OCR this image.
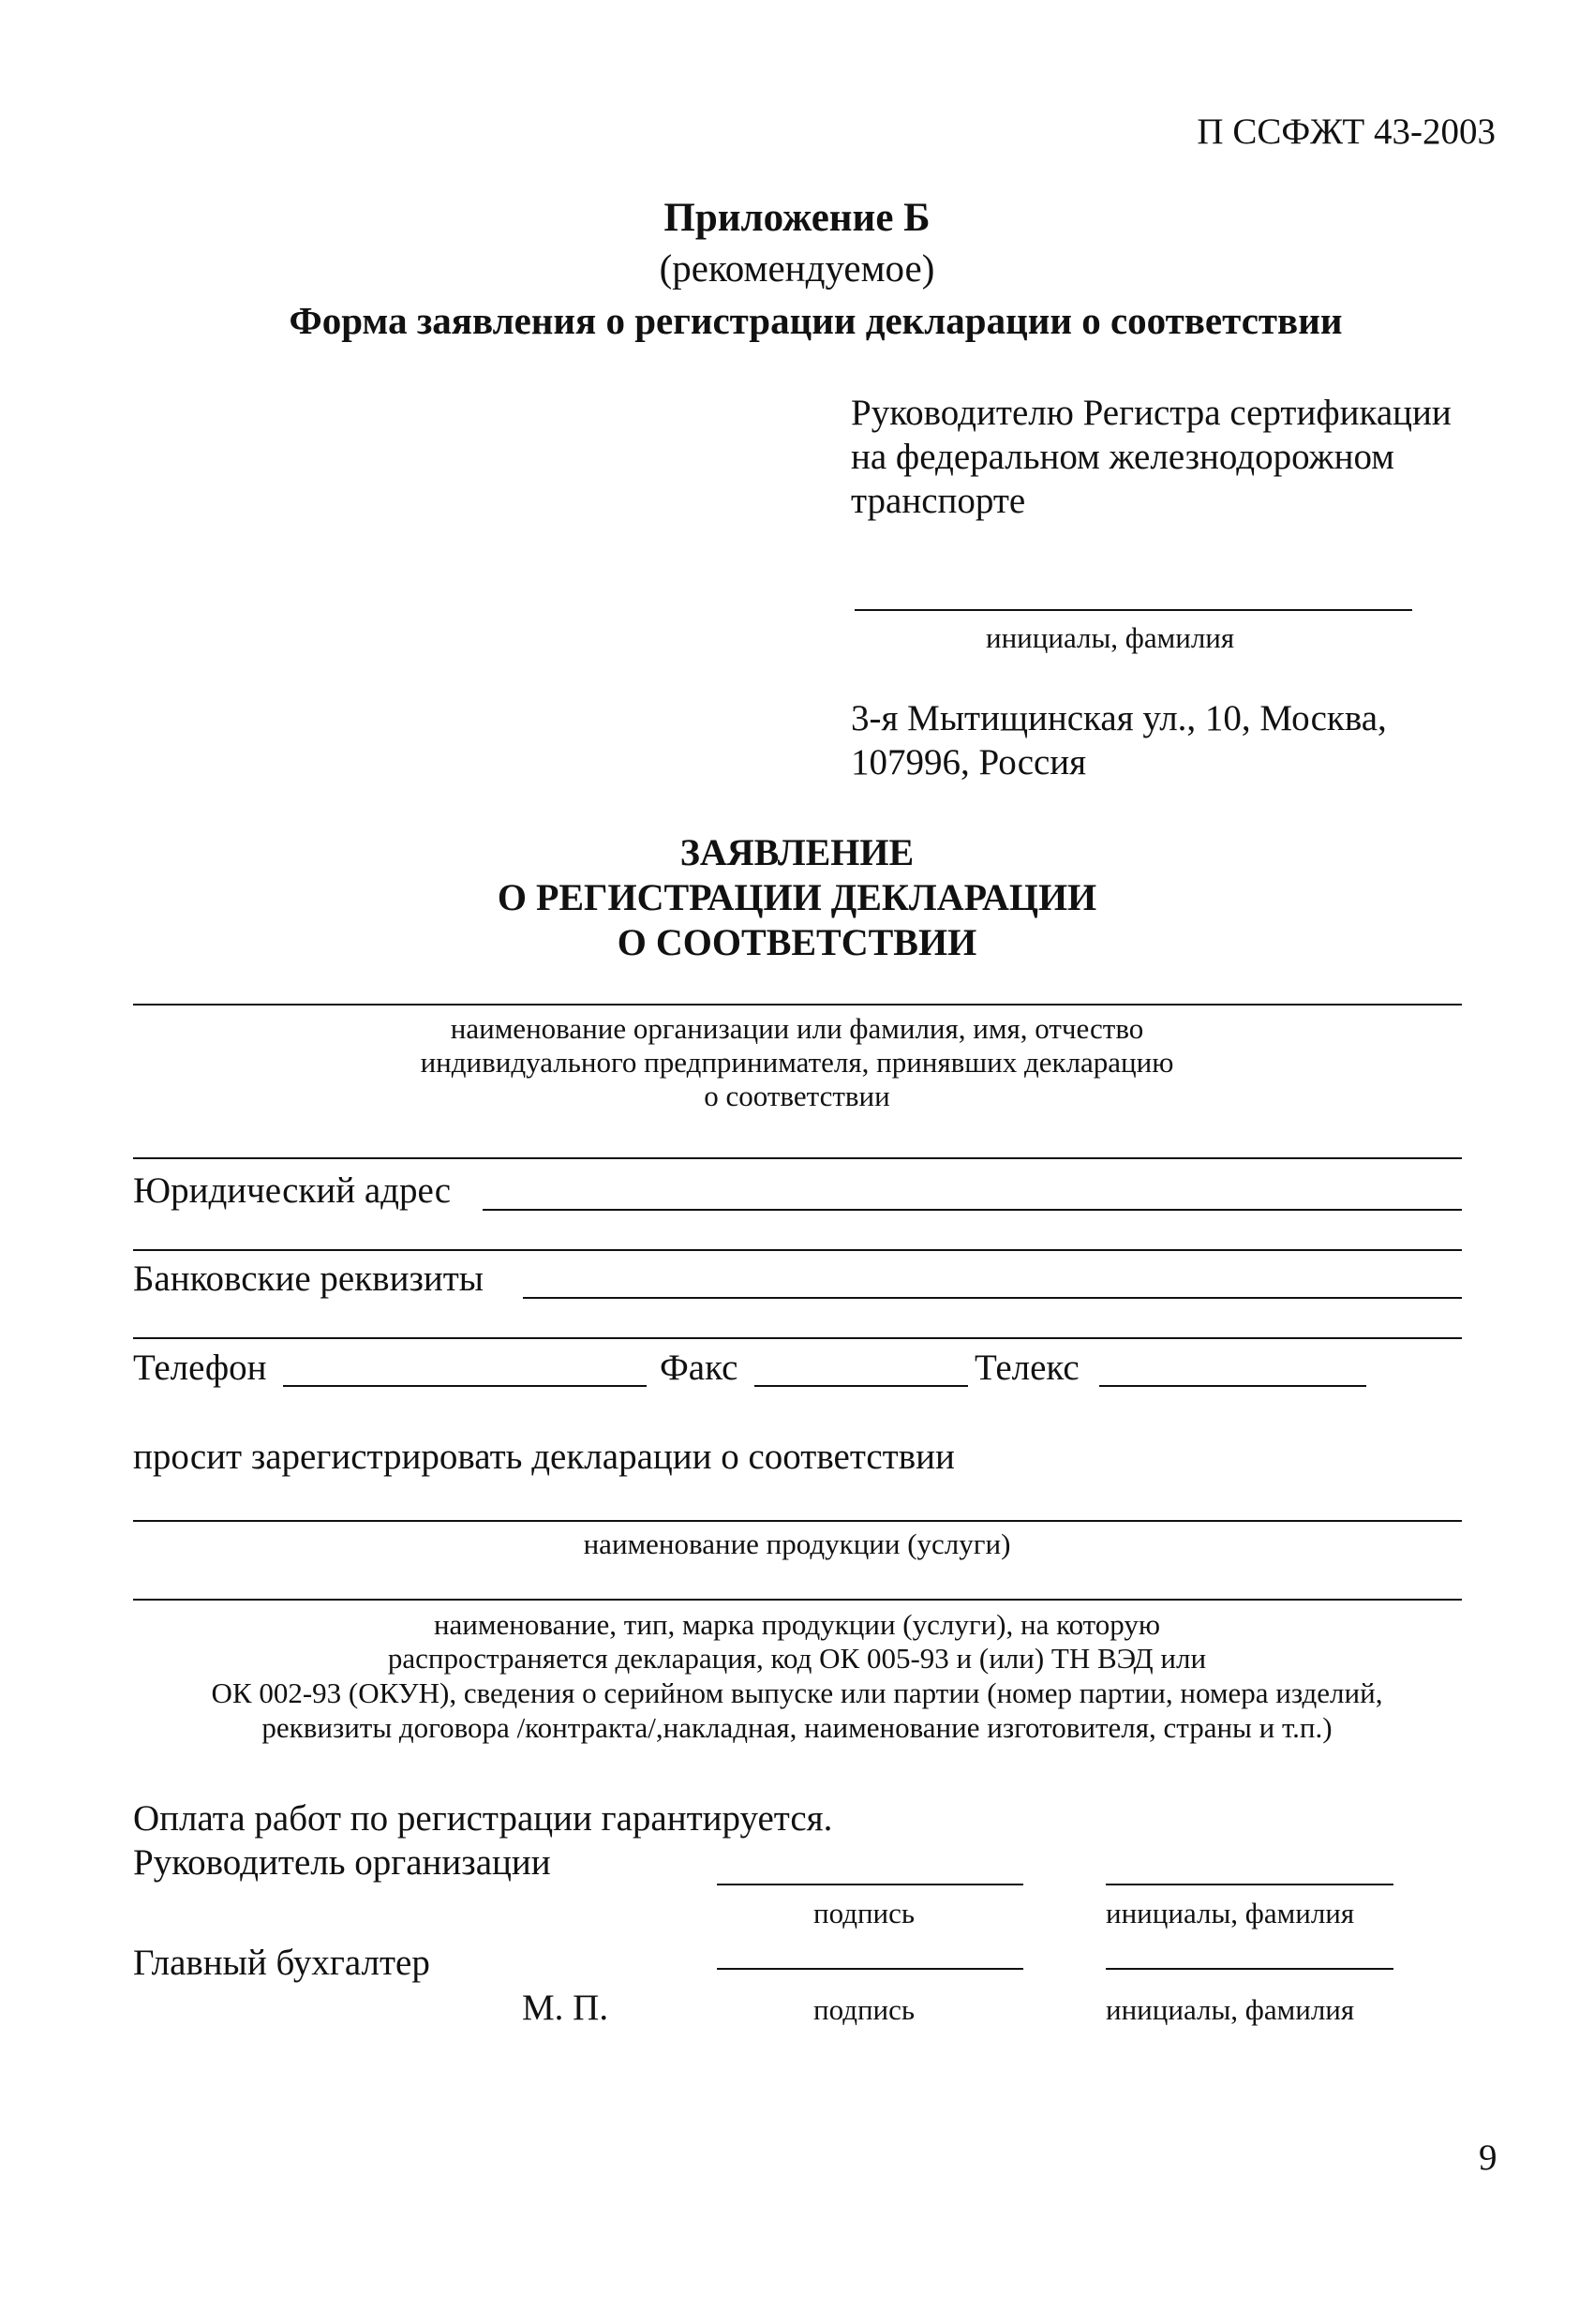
П ССФЖТ 43-2003
Приложение Б
(рекомендуемое)
Форма заявления о регистрации декларации о соответствии
Руководителю Регистра сертификации
на федеральном железнодорожном
транспорте
инициалы, фамилия
3-я Мытищинская ул., 10, Москва,
107996, Россия
ЗАЯВЛЕНИЕ
О РЕГИСТРАЦИИ ДЕКЛАРАЦИИ
О СООТВЕТСТВИИ
наименование организации или фамилия, имя, отчество
индивидуального предпринимателя, принявших декларацию
о соответствии
Юридический адрес
Банковские реквизиты
Телефон	Факс	Телекс
просит зарегистрировать декларации о соответствии
наименование продукции (услуги)
наименование, тип, марка продукции (услуги), на которую
распространяется декларация, код ОК 005-93 и (или) ТН ВЭД или
ОК 002-93 (ОКУН), сведения о серийном выпуске или партии (номер партии, номера изделий,
реквизиты договора /контракта/,накладная, наименование изготовителя, страны и т.п.)
Оплата работ по регистрации гарантируется.
Руководитель организации
подпись	инициалы, фамилия
Главный бухгалтер
М. П.	подпись	инициалы, фамилия
9
